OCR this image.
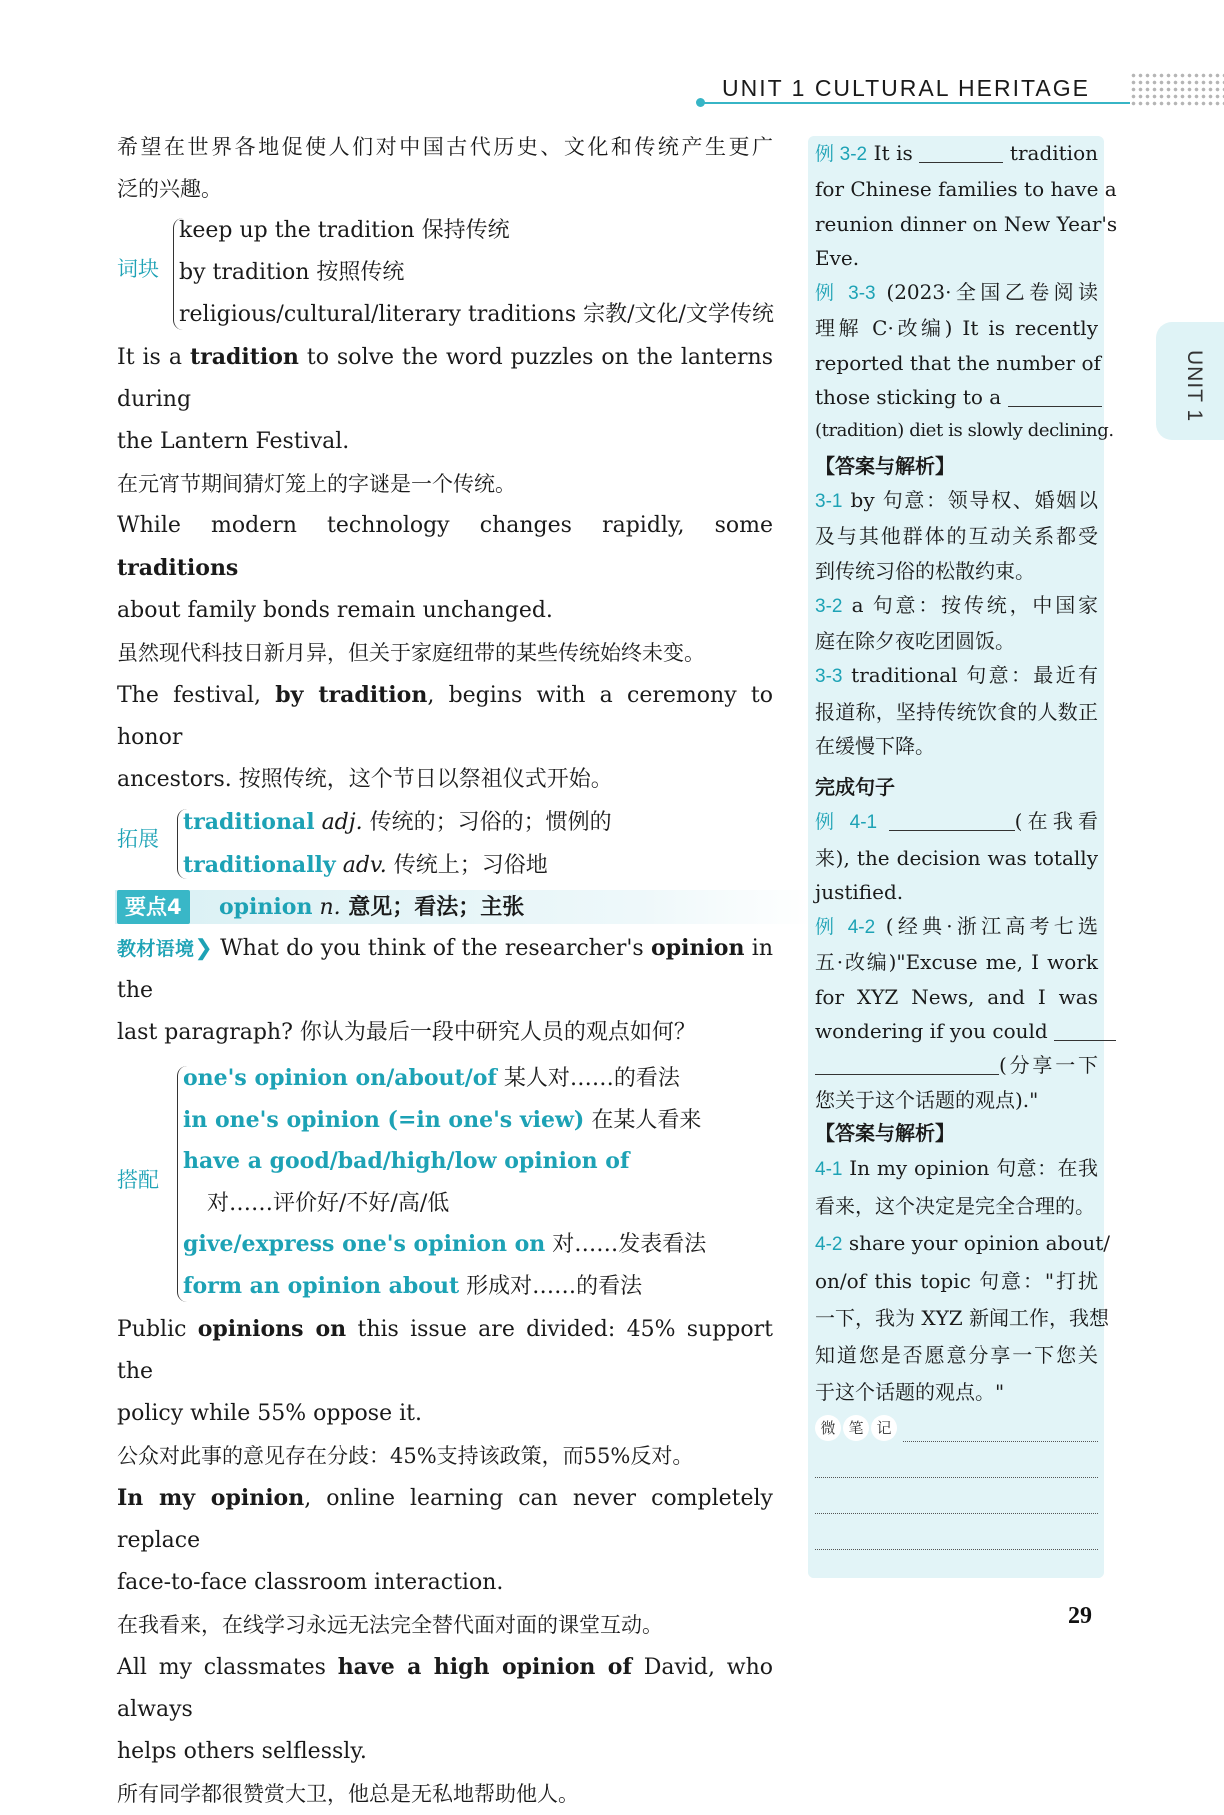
UNIT 1 CULTURAL HERITAGE
UNIT 1
希望在世界各地促使人们对中国古代历史、文化和传统产生更广
泛的兴趣。
词块
keep up the tradition 保持传统
by tradition 按照传统
religious/cultural/literary traditions 宗教/文化/文学传统
It is a tradition to solve the word puzzles on the lanterns during
the Lantern Festival.
在元宵节期间猜灯笼上的字谜是一个传统。
While modern technology changes rapidly, some traditions
about family bonds remain unchanged.
虽然现代科技日新月异，但关于家庭纽带的某些传统始终未变。
The festival, by tradition, begins with a ceremony to honor
ancestors. 按照传统，这个节日以祭祖仪式开始。
拓展
traditional adj. 传统的；习俗的；惯例的
traditionally adv. 传统上；习俗地
要点4	opinion n. 意见；看法；主张
教材语境❯ What do you think of the researcher's opinion in the
last paragraph? 你认为最后一段中研究人员的观点如何？
搭配
one's opinion on/about/of 某人对……的看法
in one's opinion (=in one's view) 在某人看来
have a good/bad/high/low opinion of
对……评价好/不好/高/低
give/express one's opinion on 对……发表看法
form an opinion about 形成对……的看法
Public opinions on this issue are divided: 45% support the
policy while 55% oppose it.
公众对此事的意见存在分歧：45%支持该政策，而55%反对。
In my opinion, online learning can never completely replace
face-to-face classroom interaction.
在我看来，在线学习永远无法完全替代面对面的课堂互动。
All my classmates have a high opinion of David, who always
helps others selflessly.
所有同学都很赞赏大卫，他总是无私地帮助他人。
例 3-2 It is	tradition
for Chinese families to have a
reunion dinner on New Year's
Eve.
例 3-3 (2023·全国乙卷阅读
理解 C·改编) It is recently
reported that the number of
those sticking to a
(tradition) diet is slowly declining.
【答案与解析】
3-1 by 句意：领导权、婚姻以
及与其他群体的互动关系都受
到传统习俗的松散约束。
3-2 a 句意：按传统，中国家
庭在除夕夜吃团圆饭。
3-3 traditional 句意：最近有
报道称，坚持传统饮食的人数正
在缓慢下降。
完成句子
例 4-1	(在我看
来), the decision was totally
justified.
例 4-2 (经典·浙江高考七选
五·改编)"Excuse me, I work
for XYZ News, and I was
wondering if you could
(分享一下
您关于这个话题的观点)."
【答案与解析】
4-1 In my opinion 句意：在我
看来，这个决定是完全合理的。
4-2 share your opinion about/
on/of this topic 句意："打扰
一下，我为 XYZ 新闻工作，我想
知道您是否愿意分享一下您关
于这个话题的观点。"
微 笔 记
29
